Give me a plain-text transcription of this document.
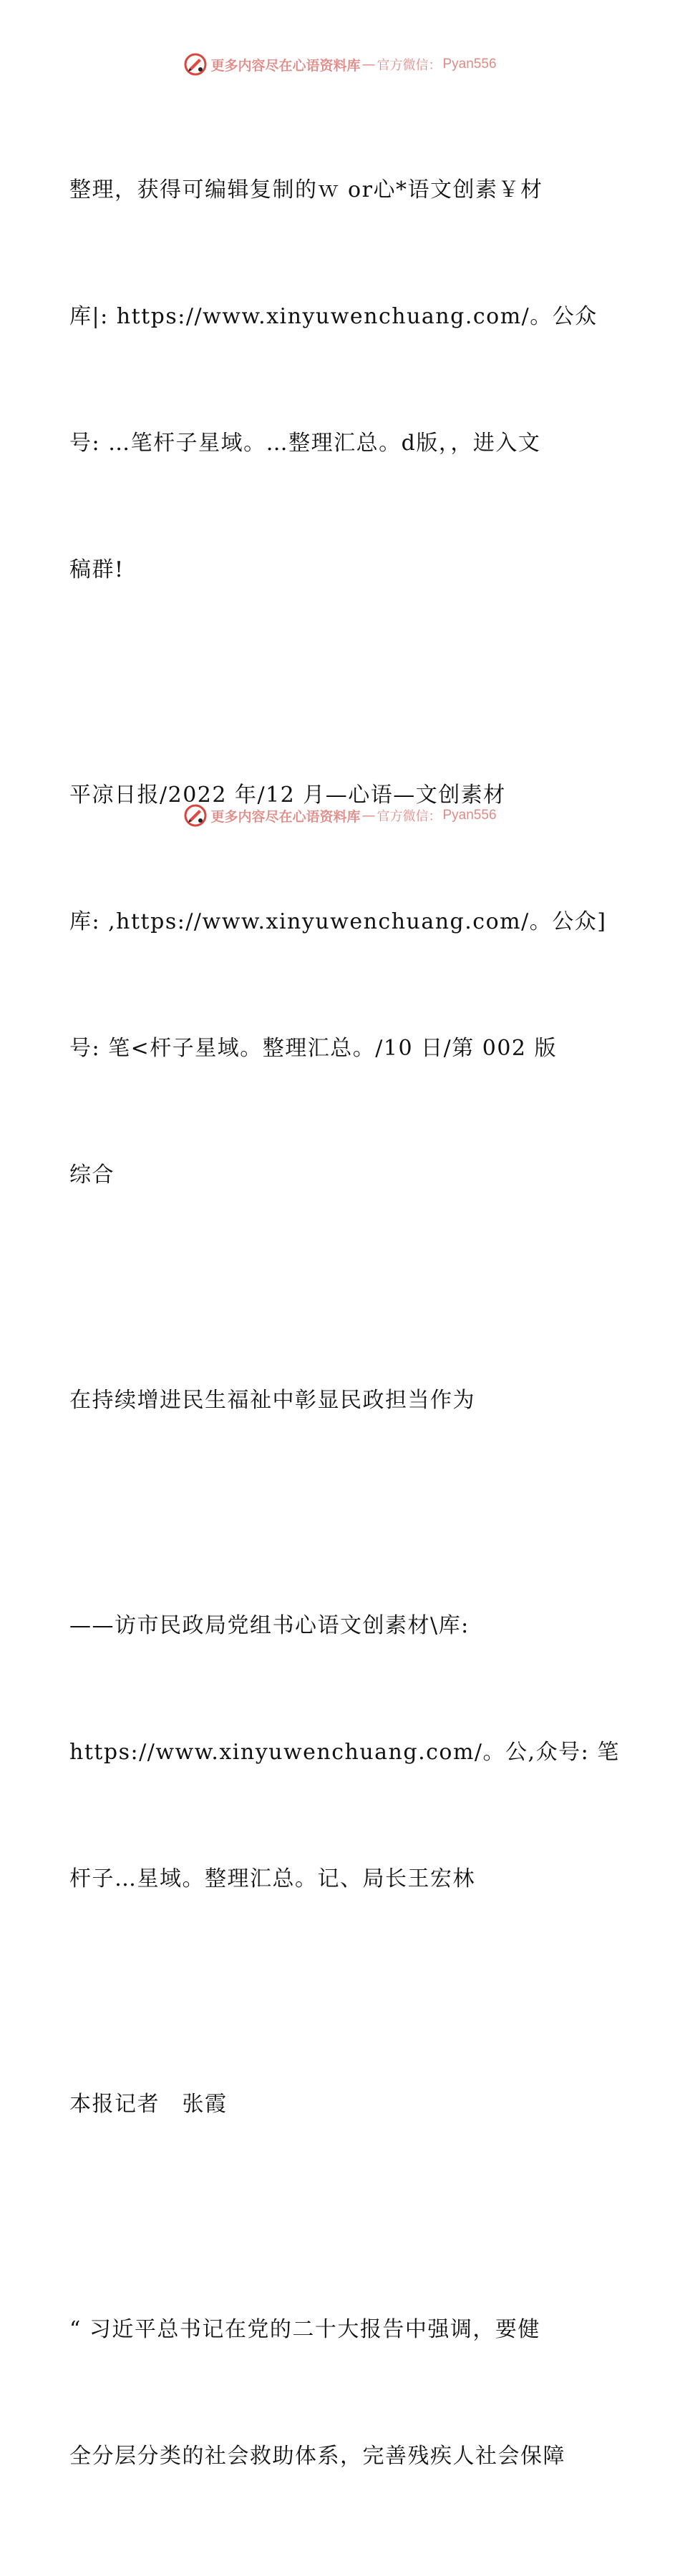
更多内容尽在心语资料库 — 官方微信： Pyan556

整理，获得可编辑复制的ｗ or心*语文创素￥材

库|: https://www.xinyuwenchuang.com/。公众

号: …笔杆子星域。…整理汇总。d版，，进入文

稿群!

平凉日报/2022 年/12 月—心语—文创素材

库: ,https://www.xinyuwenchuang.com/。公众]

号: 笔<杆子星域。整理汇总。/10 日/第 002 版

综合

在持续增进民生福祉中彰显民政担当作为

——访市民政局党组书心语文创素材\库:

https://www.xinyuwenchuang.com/。公,众号: 笔

杆子…星域。整理汇总。记、局长王宏林

本报记者　张霞

“ 习近平总书记在党的二十大报告中强调，要健

全分层分类的社会救助体系，完善残疾人社会保障

更多内容尽在心语资料库 — 官方微信： Pyan556
